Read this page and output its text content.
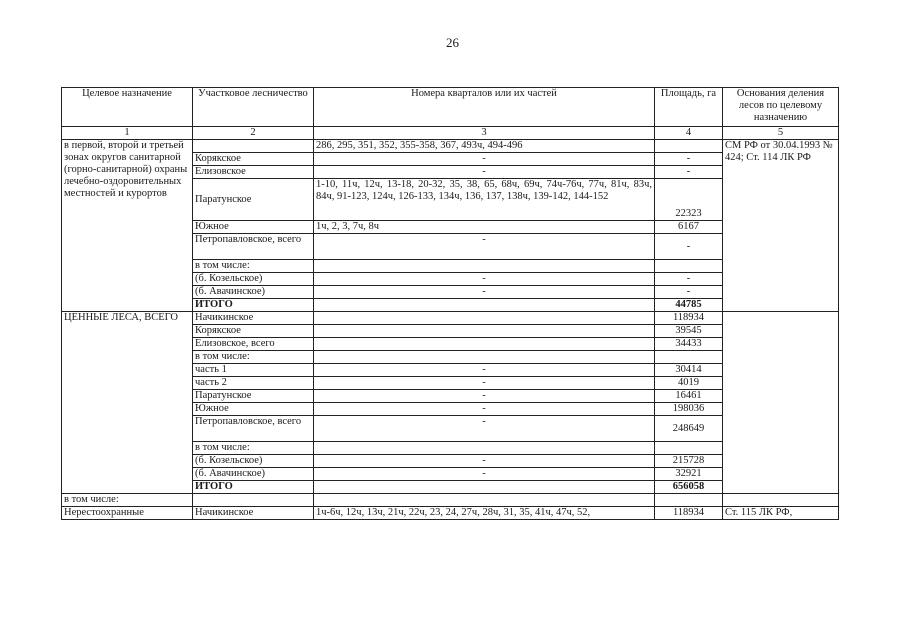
26
Целевое назначение	Участковое лесничество	Номера кварталов или их частей	Площадь, га	Основания деления лесов по целевому назначению
1	2	3	4	5
в первой, второй и третьей зонах округов санитарной (горно-санитарной) охраны лечебно-оздоровительных местностей и курортов		286, 295, 351, 352, 355-358, 367, 493ч, 494-496		СМ РФ от 30.04.1993 № 424; Ст. 114 ЛК РФ
	Корякское	-	-	
	Елизовское	-	-	
	Паратунское	1-10, 11ч, 12ч, 13-18, 20-32, 35, 38, 65, 68ч, 69ч, 74ч-76ч, 77ч, 81ч, 83ч, 84ч, 91-123, 124ч, 126-133, 134ч, 136, 137, 138ч, 139-142, 144-152	22323	
	Южное	1ч, 2, 3, 7ч, 8ч	6167	
	Петропавловское, всего	-	-	
	в том числе:			
	(б. Козельское)	-	-	
	(б. Авачинское)	-	-	
	ИТОГО		44785	
ЦЕННЫЕ ЛЕСА, ВСЕГО	Начикинское		118934	
	Корякское		39545	
	Елизовское, всего		34433	
	в том числе:			
	часть 1	-	30414	
	часть 2	-	4019	
	Паратунское	-	16461	
	Южное	-	198036	
	Петропавловское, всего	-	248649	
	в том числе:			
	(б. Козельское)	-	215728	
	(б. Авачинское)	-	32921	
	ИТОГО		656058	
в том числе:				
Нерестоохранные	Начикинское	1ч-6ч, 12ч, 13ч, 21ч, 22ч, 23, 24, 27ч, 28ч, 31, 35, 41ч, 47ч, 52,	118934	Ст. 115 ЛК РФ,
